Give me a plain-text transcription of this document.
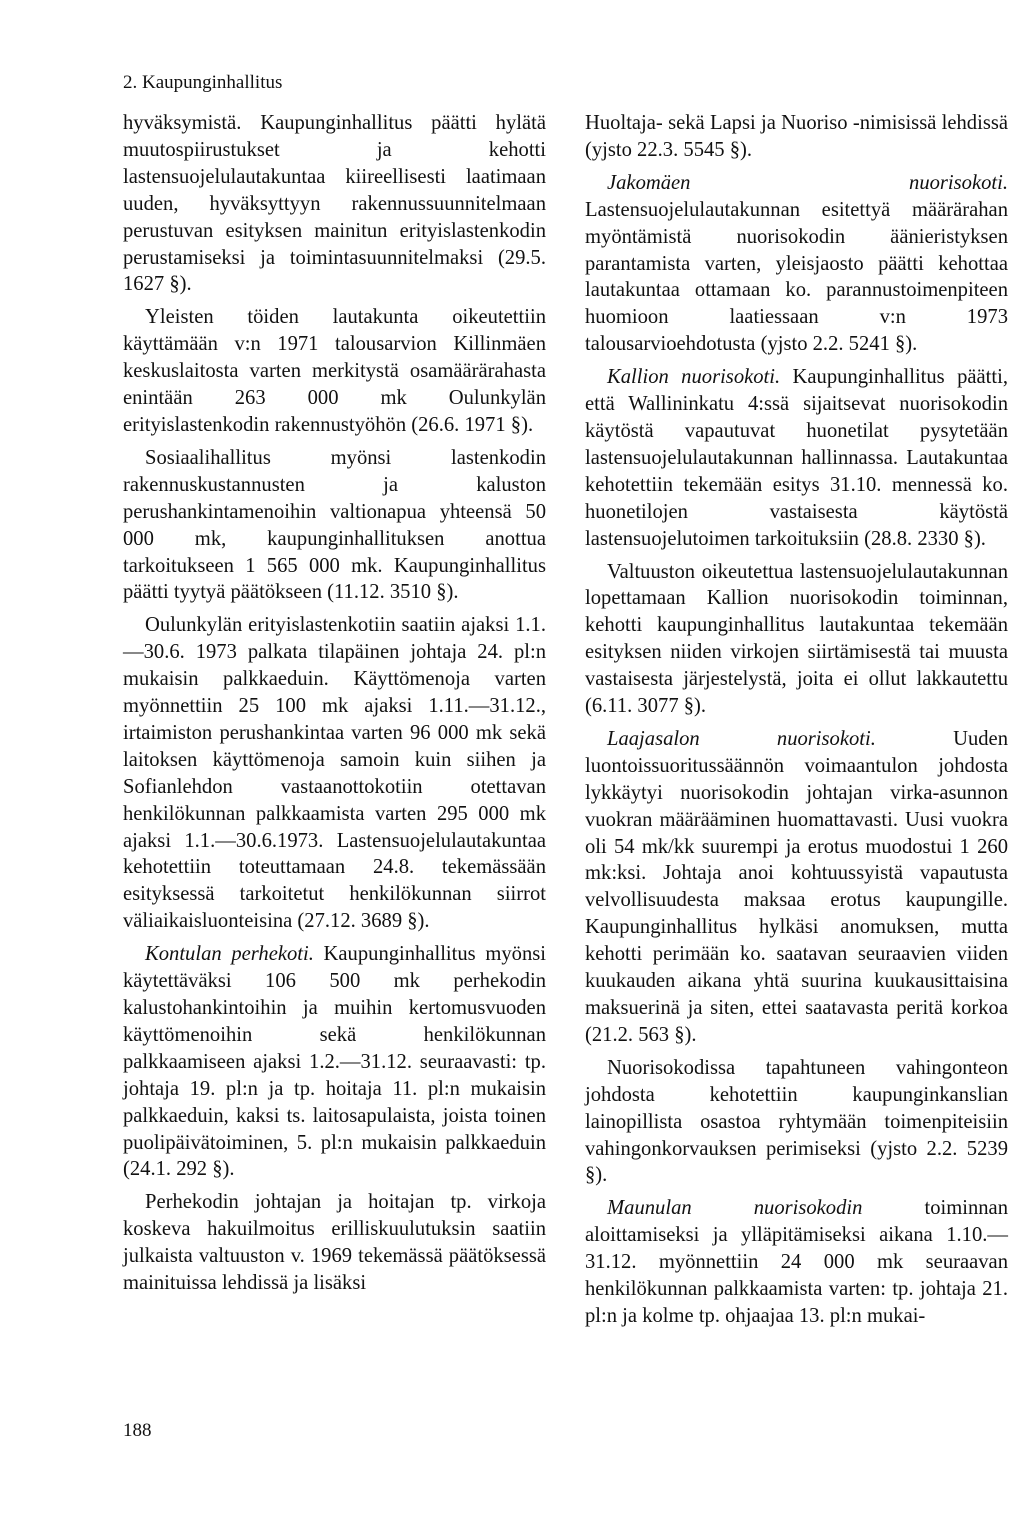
2. Kaupunginhallitus

hyväksymistä. Kaupunginhallitus päätti hylätä muutospiirustukset ja kehotti lastensuojelulautakuntaa kiireellisesti laatimaan uuden, hyväksyttyyn rakennussuunnitelmaan perustuvan esityksen mainitun erityislastenkodin perustamiseksi ja toimintasuunnitelmaksi (29.5. 1627 §).

Yleisten töiden lautakunta oikeutettiin käyttämään v:n 1971 talousarvion Killinmäen keskuslaitosta varten merkitystä osamäärärahasta enintään 263 000 mk Oulunkylän erityislastenkodin rakennustyöhön (26.6. 1971 §).

Sosiaalihallitus myönsi lastenkodin rakennuskustannusten ja kaluston perushankintamenoihin valtionapua yhteensä 50 000 mk, kaupunginhallituksen anottua tarkoitukseen 1 565 000 mk. Kaupunginhallitus päätti tyytyä päätökseen (11.12. 3510 §).

Oulunkylän erityislastenkotiin saatiin ajaksi 1.1.—30.6. 1973 palkata tilapäinen johtaja 24. pl:n mukaisin palkkaeduin. Käyttömenoja varten myönnettiin 25 100 mk ajaksi 1.11.—31.12., irtaimiston perushankintaa varten 96 000 mk sekä laitoksen käyttömenoja samoin kuin siihen ja Sofianlehdon vastaanottokotiin otettavan henkilökunnan palkkaamista varten 295 000 mk ajaksi 1.1.—30.6.1973. Lastensuojelulautakuntaa kehotettiin toteuttamaan 24.8. tekemässään esityksessä tarkoitetut henkilökunnan siirrot väliaikaisluonteisina (27.12. 3689 §).

Kontulan perhekoti. Kaupunginhallitus myönsi käytettäväksi 106 500 mk perhekodin kalustohankintoihin ja muihin kertomusvuoden käyttömenoihin sekä henkilökunnan palkkaamiseen ajaksi 1.2.—31.12. seuraavasti: tp. johtaja 19. pl:n ja tp. hoitaja 11. pl:n mukaisin palkkaeduin, kaksi ts. laitosapulaista, joista toinen puolipäivätoiminen, 5. pl:n mukaisin palkkaeduin (24.1. 292 §).

Perhekodin johtajan ja hoitajan tp. virkoja koskeva hakuilmoitus erilliskuulutuksin saatiin julkaista valtuuston v. 1969 tekemässä päätöksessä mainituissa lehdissä ja lisäksi

Huoltaja- sekä Lapsi ja Nuoriso -nimisissä lehdissä (yjsto 22.3. 5545 §).

Jakomäen nuorisokoti. Lastensuojelulautakunnan esitettyä määrärahan myöntämistä nuorisokodin äänieristyksen parantamista varten, yleisjaosto päätti kehottaa lautakuntaa ottamaan ko. parannustoimenpiteen huomioon laatiessaan v:n 1973 talousarvioehdotusta (yjsto 2.2. 5241 §).

Kallion nuorisokoti. Kaupunginhallitus päätti, että Wallininkatu 4:ssä sijaitsevat nuorisokodin käytöstä vapautuvat huonetilat pysytetään lastensuojelulautakunnan hallinnassa. Lautakuntaa kehotettiin tekemään esitys 31.10. mennessä ko. huonetilojen vastaisesta käytöstä lastensuojelutoimen tarkoituksiin (28.8. 2330 §).

Valtuuston oikeutettua lastensuojelulautakunnan lopettamaan Kallion nuorisokodin toiminnan, kehotti kaupunginhallitus lautakuntaa tekemään esityksen niiden virkojen siirtämisestä tai muusta vastaisesta järjestelystä, joita ei ollut lakkautettu (6.11. 3077 §).

Laajasalon nuorisokoti. Uuden luontoissuoritussäännön voimaantulon johdosta lykkäytyi nuorisokodin johtajan virka-asunnon vuokran määrääminen huomattavasti. Uusi vuokra oli 54 mk/kk suurempi ja erotus muodostui 1 260 mk:ksi. Johtaja anoi kohtuussyistä vapautusta velvollisuudesta maksaa erotus kaupungille. Kaupunginhallitus hylkäsi anomuksen, mutta kehotti perimään ko. saatavan seuraavien viiden kuukauden aikana yhtä suurina kuukausittaisina maksuerinä ja siten, ettei saatavasta peritä korkoa (21.2. 563 §).

Nuorisokodissa tapahtuneen vahingonteon johdosta kehotettiin kaupunginkanslian lainopillista osastoa ryhtymään toimenpiteisiin vahingonkorvauksen perimiseksi (yjsto 2.2. 5239 §).

Maunulan nuorisokodin toiminnan aloittamiseksi ja ylläpitämiseksi aikana 1.10.—31.12. myönnettiin 24 000 mk seuraavan henkilökunnan palkkaamista varten: tp. johtaja 21. pl:n ja kolme tp. ohjaajaa 13. pl:n mukai-

188
